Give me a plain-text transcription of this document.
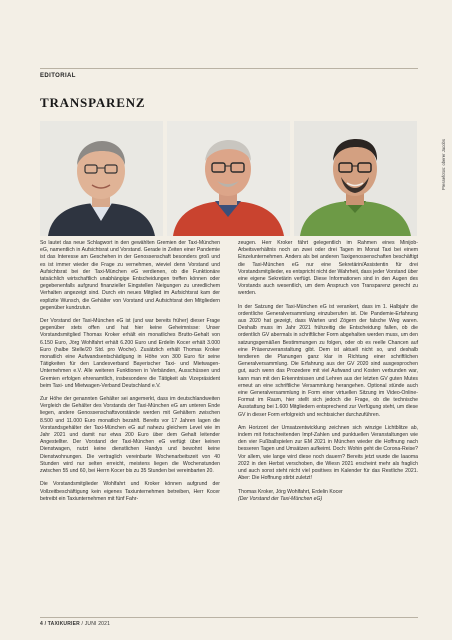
Pressefotos: oberer Jacobs
EDITORIAL
TRANSPARENZ

So lautet das neue Schlagwort in den gewählten Gremien der Taxi-München eG, namentlich in Aufsichtsrat und Vorstand. Gerade in Zeiten einer Pandemie ist das Interesse am Geschehen in der Genossenschaft besonders groß und es ist immer wieder die Frage zu vernehmen, wieviel denn Vorstand und Aufsichtsrat bei der Taxi-München eG verdienen, ob die Funktionäre tatsächlich wirtschaftlich unabhängige Entscheidungen treffen können oder gegebenenfalls aufgrund finanzieller Eingstellen Neigungen zu unredlichem Verhalten angezeigt sind. Durch ein neues Mitglied im Aufsichtsrat kam der explizite Wunsch, die Gehälter von Vorstand und Aufsichtsrat den Mitgliedern gegenüber kundzutun.

Der Vorstand der Taxi-München eG ist (und war bereits früher) dieser Frage gegenüber stets offen und hat hier keine Geheimnisse: Unser Vorstandsmitglied Thomas Kroker erhält ein monatliches Brutto-Gehalt von 6.150 Euro, Jörg Wohlfahrt erhält 6.200 Euro und Erdelin Kocer erhält 3.000 Euro (halbe Stelle/20 Std. pro Woche). Zusätzlich erhält Thomas Kroker monatlich eine Aufwandsentschädigung in Höhe von 300 Euro für seine Tätigkeiten für den Landesverband Bayerischer Taxi- und Mietwagen-Unternehmen e.V. Alle weiteren Funktionen in Verbänden, Ausschüssen und Gremien erfolgen ehrenamtlich, insbesondere die Tätigkeit als Vizepräsident beim Taxi- und Mietwagen-Verband Deutschland e.V.

Zur Höhe der genannten Gehälter sei angemerkt, dass im deutschlandweiten Vergleich die Gehälter des Vorstands der Taxi-München eG am unteren Ende liegen, andere Genossenschaftsvorstände werden mit Gehältern zwischen 8.500 und 11.000 Euro monatlich bezahlt. Bereits vor 17 Jahren lagen die Vorstandsgehälter der Taxi-München eG auf nahezu gleichem Level wie im Jahr 2021 und damit nur etwa 200 Euro über dem Gehalt leitender Angestellter. Der Vorstand der Taxi-München eG verfügt über keinen Dienstwagen, nutzt keine dienstlichen Handys und bewohnt keine Dienstwohnungen. Die vertraglich vereinbarte Wochenarbeitszeit von 40 Stunden wird nur selten erreicht, meistens liegen die Wochenstunden zwischen 55 und 60, bei Herrn Kocer bis zu 35 Stunden bei vereinbarten 20.

Die Vorstandsmitglieder Wohlfahrt und Kroker können aufgrund der Vollzeitbeschäftigung kein eigenes Taxiunternehmen betreiben, Herr Kocer betreibt ein Taxiunternehmen mit fünf Fahr-

zeugen. Herr Kroker fährt gelegentlich im Rahmen eines Minijob-Arbeitsverhältnis noch an zwei oder drei Tagen im Monat Taxi bei einem Einzelunternehmen. Anders als bei anderen Taxigenossenschaften beschäftigt die Taxi-München eG nur eine Sekretärin/Assistentin für drei Vorstandsmitglieder, es entspricht nicht der Wahrheit, dass jeder Vorstand über eine eigene Sekretärin verfügt. Diese Informationen sind in den Augen des Vorstands auch wesentlich, um dem Anspruch von Transparenz gerecht zu werden.

In der Satzung der Taxi-München eG ist verankert, dass im 1. Halbjahr die ordentliche Generalversammlung einzuberufen ist. Die Pandemie-Erfahrung aus 2020 hat gezeigt, dass Warten und Zögern der falsche Weg waren. Deshalb muss im Jahr 2021 frühzeitig die Entscheidung fallen, ob die ordentlich GV abermals in schriftlicher Form abgehalten werden muss, um den satzungsgemäßen Bestimmungen zu folgen, oder ob es reelle Chancen auf eine Präsenzveranstaltung gibt. Dem ist aktuell nicht so, und deshalb tendieren die Planungen ganz klar in Richtung einer schriftlichen Generalversammlung. Die Erfahrung aus der GV 2020 sind ausgesprochen gut, auch wenn das Prozedere mit viel Aufwand und Kosten verbunden war, kann man mit den Erkenntnissen und Lehren aus der letzten GV guten Mutes erneut an eine schriftliche Versammlung herangehen. Optional stünde auch eine Generalversammlung in Form einer virtuellen Sitzung im Video-Online-Format im Raum, hier stellt sich jedoch die Frage, ob die technische Ausstattung bei 1.600 Mitgliedern entsprechend zur Verfügung steht, um diese GV in dieser Form erfolgreich und rechtssicher durchzuführen.

Am Horizont der Umsatzentwicklung zeichnen sich winzige Lichtblitze ab, indem mit fortschreitenden Impf-Zahlen und punktuellen Veranstaltungen wie den vier Fußballspielen zur EM 2021 in München wieder die Hoffnung nach besseren Tagen und Umsätzen aufkeimt. Doch: Wohin geht die Corona-Reise? Vor allem, wie lange wird diese noch dauern? Bereits jetzt wurde die Iaaoma 2022 in den Herbst verschoben, die Wiesn 2021 erscheint mehr als fraglich und auch sonst steht nicht viel positives im Kalender für das Restliche 2021. Aber: Die Hoffnung stirbt zuletzt!

Thomas Kroker, Jörg Wohlfahrt, Erdelin Kocer

(Der Vorstand der Taxi-München eG)

4 / TAXIKURIER / JUNI 2021
